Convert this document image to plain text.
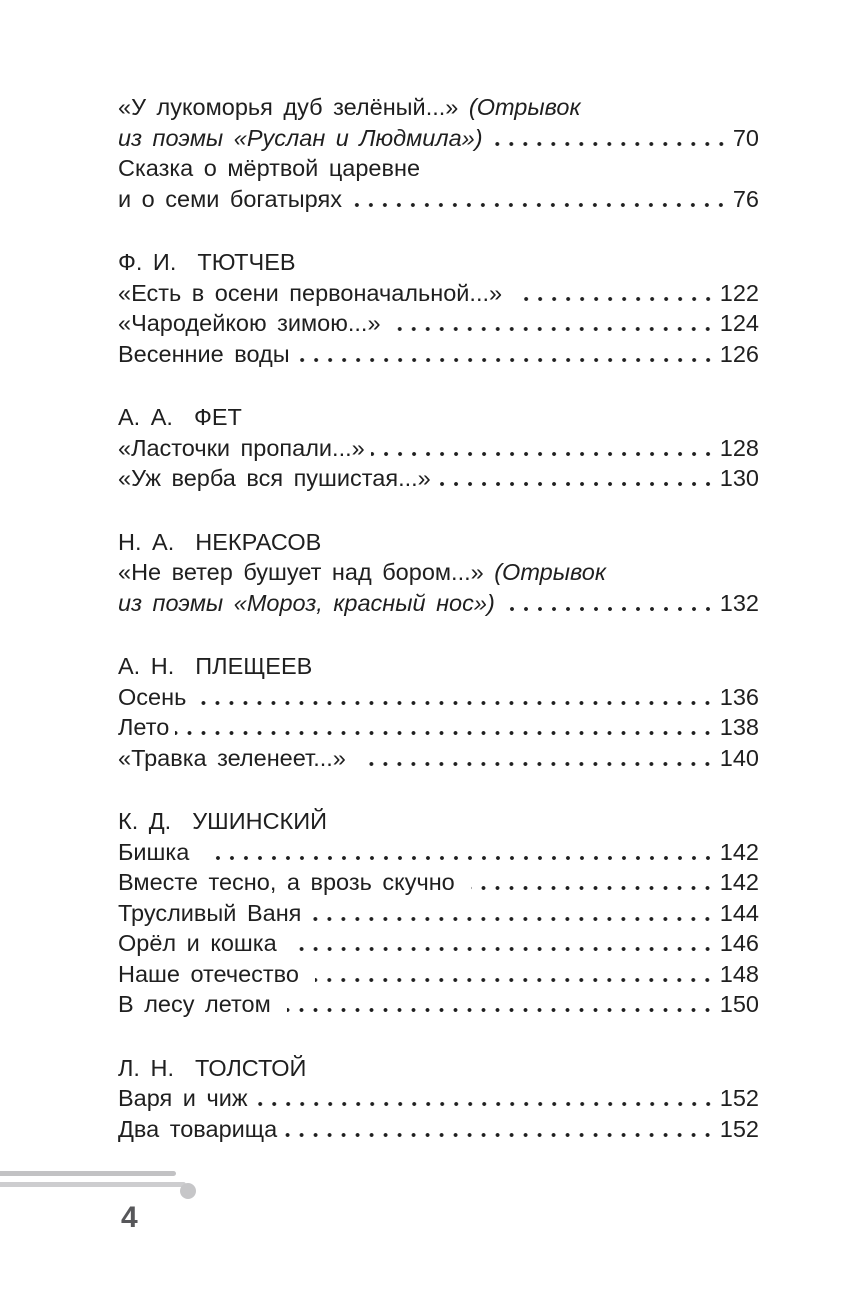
«У лукоморья дуб зелёный...» (Отрывок
из поэмы «Руслан и Людмила»)	70
Сказка о мёртвой царевне
и о семи богатырях	76
Ф. И.  ТЮТЧЕВ
«Есть в осени первоначальной...»	122
«Чародейкою зимою...»	124
Весенние воды	126
А. А.  ФЕТ
«Ласточки пропали...»	128
«Уж верба вся пушистая...»	130
Н. А.  НЕКРАСОВ
«Не ветер бушует над бором...» (Отрывок
из поэмы «Мороз, красный нос»)	132
А. Н.  ПЛЕЩЕЕВ
Осень	136
Лето	138
«Травка зеленеет...»	140
К. Д.  УШИНСКИЙ
Бишка	142
Вместе тесно, а врозь скучно	142
Трусливый Ваня	144
Орёл и кошка	146
Наше отечество	148
В лесу летом	150
Л. Н.  ТОЛСТОЙ
Варя и чиж	152
Два товарища	152
4
